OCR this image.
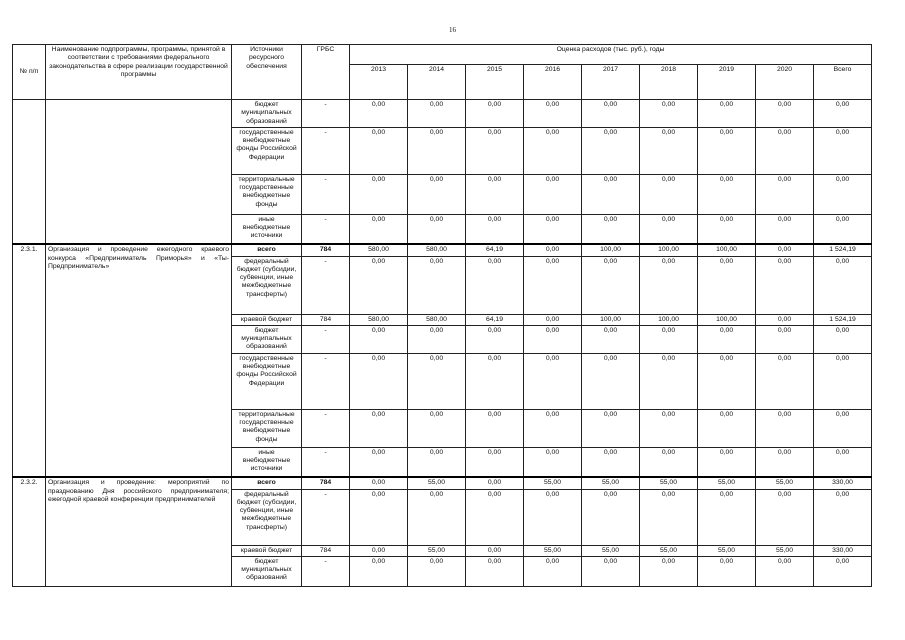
16
№ п/п	Наименование подпрограммы, программы, принятой в соответствии с требованиями федерального законодательства в сфере реализации государственной программы	Источники ресурсного обеспечения	ГРБС	Оценка расходов (тыс. руб.), годы								
				2013	2014	2015	2016	2017	2018	2019	2020	Всего
		бюджет муниципальных образований	-	0,00	0,00	0,00	0,00	0,00	0,00	0,00	0,00	0,00
		государственные внебюджетные фонды Российской Федерации	-	0,00	0,00	0,00	0,00	0,00	0,00	0,00	0,00	0,00
		территориальные государственные внебюджетные фонды	-	0,00	0,00	0,00	0,00	0,00	0,00	0,00	0,00	0,00
		иные внебюджетные источники	-	0,00	0,00	0,00	0,00	0,00	0,00	0,00	0,00	0,00
2.3.1.	Организация и проведение ежегодного краевого конкурса «Предприниматель Приморья» и «Ты-Предприниматель»	всего	784	580,00	580,00	64,19	0,00	100,00	100,00	100,00	0,00	1 524,19
		федеральный бюджет (субсидии, субвенции, иные межбюджетные трансферты)	-	0,00	0,00	0,00	0,00	0,00	0,00	0,00	0,00	0,00
		краевой бюджет	784	580,00	580,00	64,19	0,00	100,00	100,00	100,00	0,00	1 524,19
		бюджет муниципальных образований	-	0,00	0,00	0,00	0,00	0,00	0,00	0,00	0,00	0,00
		государственные внебюджетные фонды Российской Федерации	-	0,00	0,00	0,00	0,00	0,00	0,00	0,00	0,00	0,00
		территориальные государственные внебюджетные фонды	-	0,00	0,00	0,00	0,00	0,00	0,00	0,00	0,00	0,00
		иные внебюджетные источники	-	0,00	0,00	0,00	0,00	0,00	0,00	0,00	0,00	0,00
2.3.2.	Организация и проведение: мероприятий по празднованию Дня российского предпринимателя; ежегодной краевой конференции предпринимателей	всего	784	0,00	55,00	0,00	55,00	55,00	55,00	55,00	55,00	330,00
		федеральный бюджет (субсидии, субвенции, иные межбюджетные трансферты)	-	0,00	0,00	0,00	0,00	0,00	0,00	0,00	0,00	0,00
		краевой бюджет	784	0,00	55,00	0,00	55,00	55,00	55,00	55,00	55,00	330,00
		бюджет муниципальных образований	-	0,00	0,00	0,00	0,00	0,00	0,00	0,00	0,00	0,00
